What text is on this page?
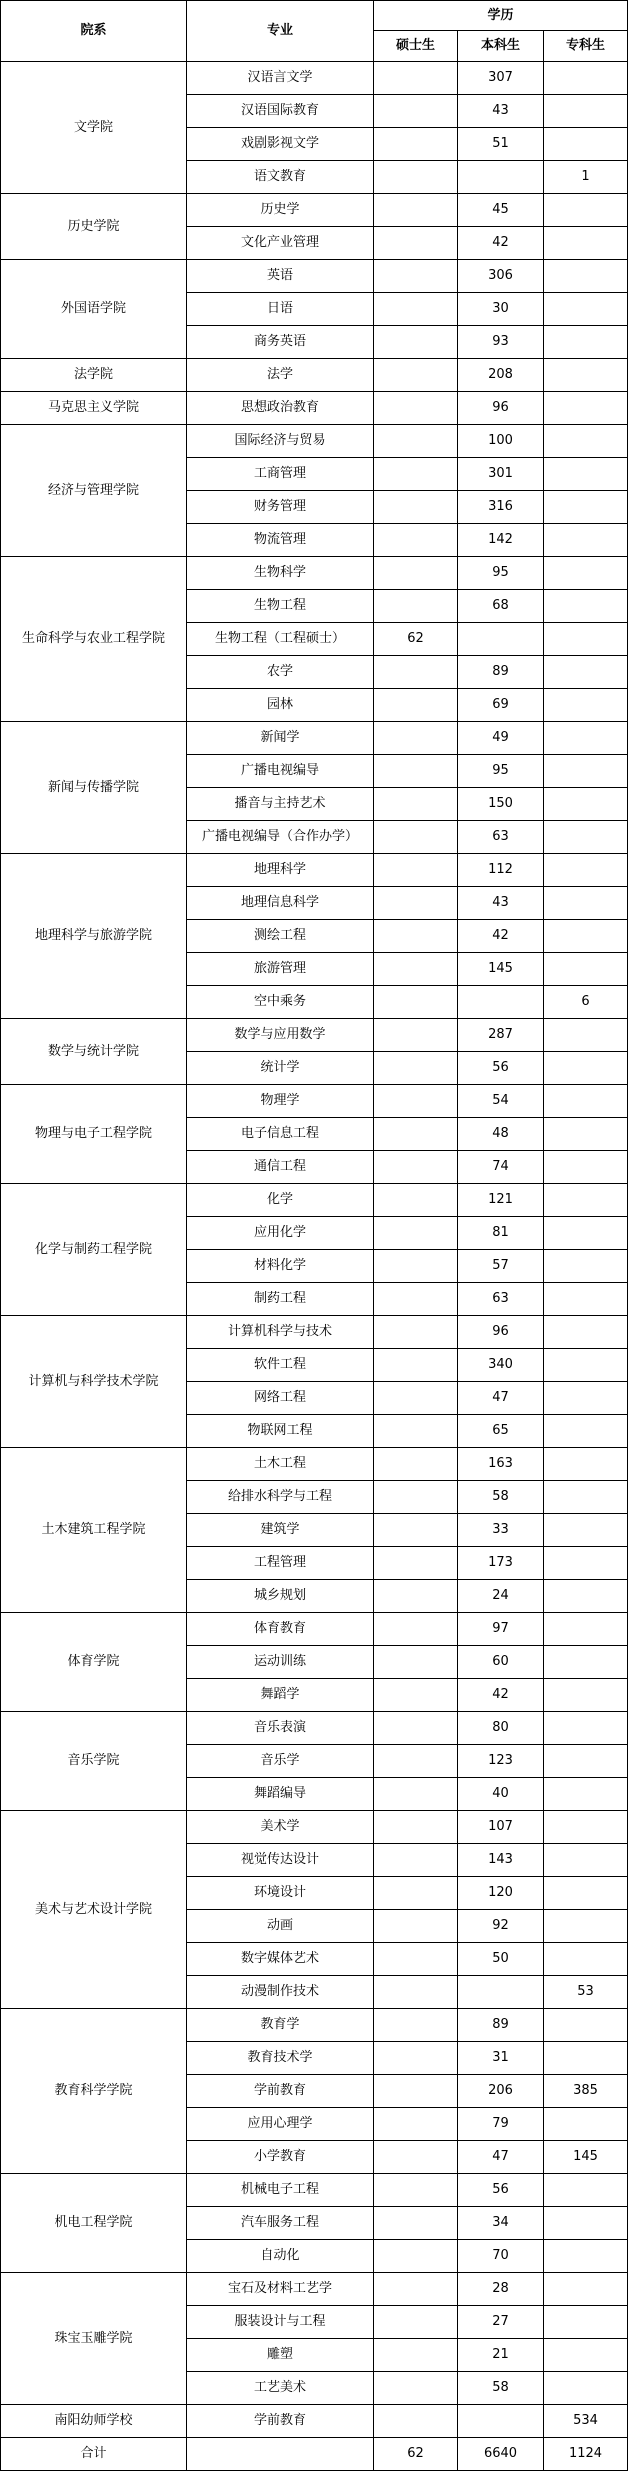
院系	专业	学历		
		硕士生	本科生	专科生
文学院	汉语言文学		307	
	汉语国际教育		43	
	戏剧影视文学		51	
	语文教育			1
历史学院	历史学		45	
	文化产业管理		42	
外国语学院	英语		306	
	日语		30	
	商务英语		93	
法学院	法学		208	
马克思主义学院	思想政治教育		96	
经济与管理学院	国际经济与贸易		100	
	工商管理		301	
	财务管理		316	
	物流管理		142	
生命科学与农业工程学院	生物科学		95	
	生物工程		68	
	生物工程（工程硕士）	62		
	农学		89	
	园林		69	
新闻与传播学院	新闻学		49	
	广播电视编导		95	
	播音与主持艺术		150	
	广播电视编导（合作办学）		63	
地理科学与旅游学院	地理科学		112	
	地理信息科学		43	
	测绘工程		42	
	旅游管理		145	
	空中乘务			6
数学与统计学院	数学与应用数学		287	
	统计学		56	
物理与电子工程学院	物理学		54	
	电子信息工程		48	
	通信工程		74	
化学与制药工程学院	化学		121	
	应用化学		81	
	材料化学		57	
	制药工程		63	
计算机与科学技术学院	计算机科学与技术		96	
	软件工程		340	
	网络工程		47	
	物联网工程		65	
土木建筑工程学院	土木工程		163	
	给排水科学与工程		58	
	建筑学		33	
	工程管理		173	
	城乡规划		24	
体育学院	体育教育		97	
	运动训练		60	
	舞蹈学		42	
音乐学院	音乐表演		80	
	音乐学		123	
	舞蹈编导		40	
美术与艺术设计学院	美术学		107	
	视觉传达设计		143	
	环境设计		120	
	动画		92	
	数字媒体艺术		50	
	动漫制作技术			53
教育科学学院	教育学		89	
	教育技术学		31	
	学前教育		206	385
	应用心理学		79	
	小学教育		47	145
机电工程学院	机械电子工程		56	
	汽车服务工程		34	
	自动化		70	
珠宝玉雕学院	宝石及材料工艺学		28	
	服装设计与工程		27	
	雕塑		21	
	工艺美术		58	
南阳幼师学校	学前教育			534
合计		62	6640	1124
